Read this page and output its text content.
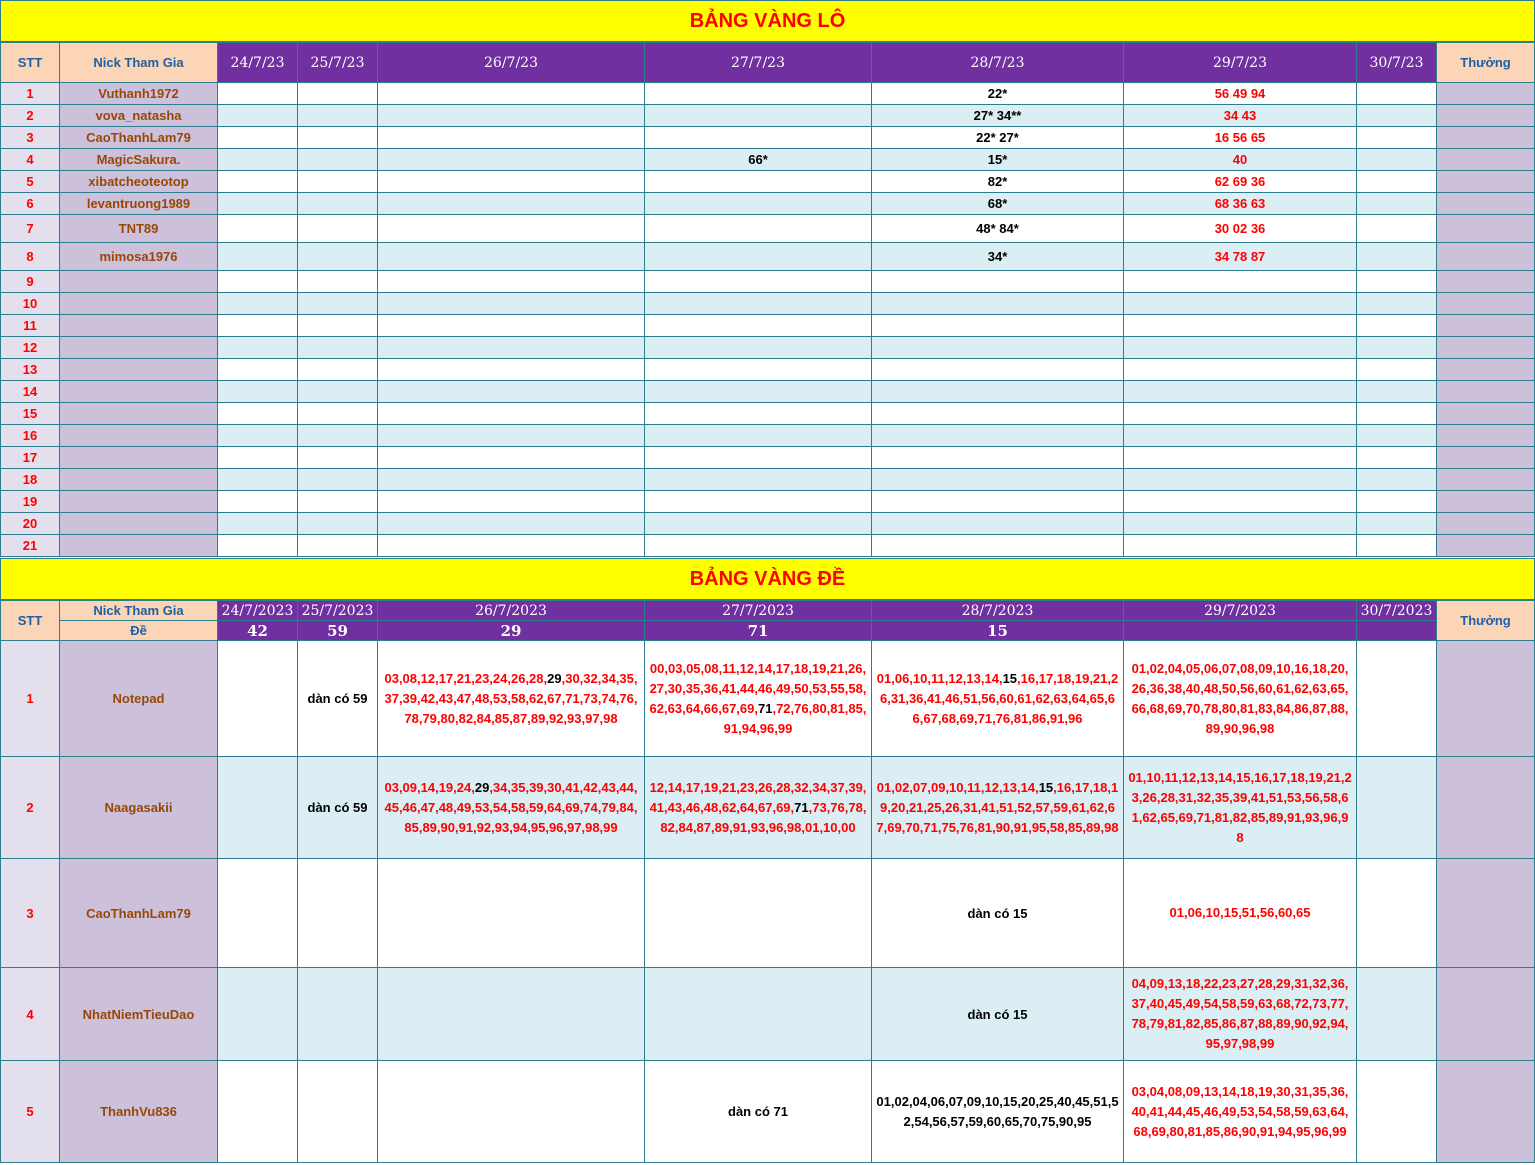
BẢNG VÀNG LÔ
STT	Nick Tham Gia	24/7/23	25/7/23	26/7/23	27/7/23	28/7/23	29/7/23	30/7/23	Thưởng
1	Vuthanh1972					22*	56 49 94		
2	vova_natasha					27* 34**	34 43		
3	CaoThanhLam79					22* 27*	16 56 65		
4	MagicSakura.				66*	15*	40		
5	xibatcheoteotop					82*	62 69 36		
6	levantruong1989					68*	68 36 63		
7	TNT89					48* 84*	30 02 36		
8	mimosa1976					34*	34 78 87		
9									
10									
11									
12									
13									
14									
15									
16									
17									
18									
19									
20									
21									
BẢNG VÀNG ĐỀ
STT	Nick Tham Gia	24/7/2023	25/7/2023	26/7/2023	27/7/2023	28/7/2023	29/7/2023	30/7/2023	Thưởng
	Đề	42	59	29	71	15			
1	Notepad		dàn có 59	03,08,12,17,21,23,24,26,28,29,30,32,34,35,37,39,42,43,47,48,53,58,62,67,71,73,74,76,78,79,80,82,84,85,87,89,92,93,97,98	00,03,05,08,11,12,14,17,18,19,21,26,27,30,35,36,41,44,46,49,50,53,55,58,62,63,64,66,67,69,71,72,76,80,81,85,91,94,96,99	01,06,10,11,12,13,14,15,16,17,18,19,21,26,31,36,41,46,51,56,60,61,62,63,64,65,66,67,68,69,71,76,81,86,91,96	01,02,04,05,06,07,08,09,10,16,18,20,26,36,38,40,48,50,56,60,61,62,63,65,66,68,69,70,78,80,81,83,84,86,87,88,89,90,96,98		
2	Naagasakii		dàn có 59	03,09,14,19,24,29,34,35,39,30,41,42,43,44,45,46,47,48,49,53,54,58,59,64,69,74,79,84,85,89,90,91,92,93,94,95,96,97,98,99	12,14,17,19,21,23,26,28,32,34,37,39,41,43,46,48,62,64,67,69,71,73,76,78,82,84,87,89,91,93,96,98,01,10,00	01,02,07,09,10,11,12,13,14,15,16,17,18,19,20,21,25,26,31,41,51,52,57,59,61,62,67,69,70,71,75,76,81,90,91,95,58,85,89,98	01,10,11,12,13,14,15,16,17,18,19,21,23,26,28,31,32,35,39,41,51,53,56,58,61,62,65,69,71,81,82,85,89,91,93,96,98		
3	CaoThanhLam79					dàn có 15	01,06,10,15,51,56,60,65		
4	NhatNiemTieuDao					dàn có 15	04,09,13,18,22,23,27,28,29,31,32,36,37,40,45,49,54,58,59,63,68,72,73,77,78,79,81,82,85,86,87,88,89,90,92,94,95,97,98,99		
5	ThanhVu836				dàn có 71	01,02,04,06,07,09,10,15,20,25,40,45,51,52,54,56,57,59,60,65,70,75,90,95	03,04,08,09,13,14,18,19,30,31,35,36,40,41,44,45,46,49,53,54,58,59,63,64,68,69,80,81,85,86,90,91,94,95,96,99		
